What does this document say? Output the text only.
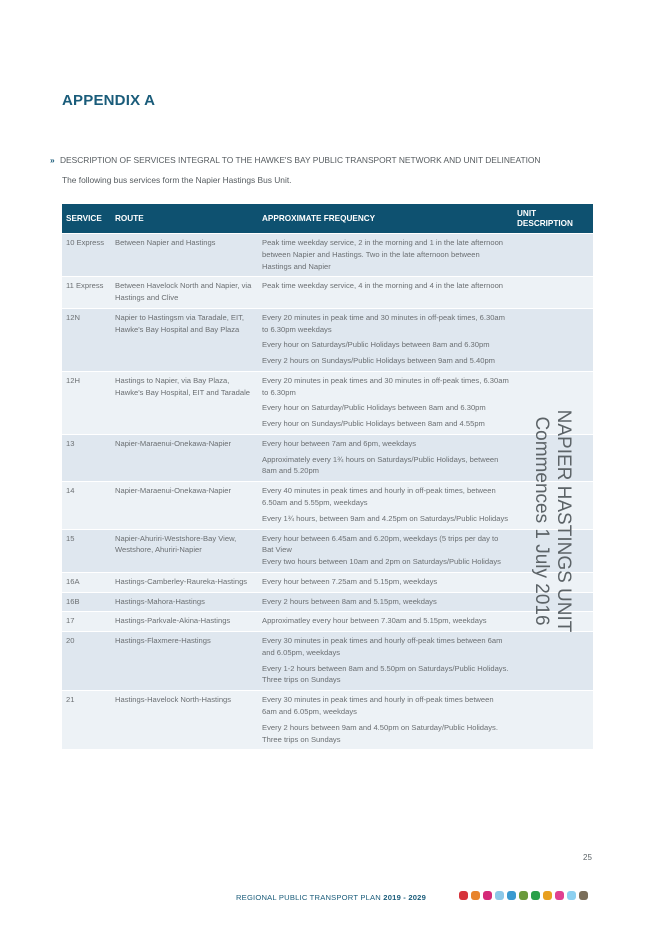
APPENDIX A
» DESCRIPTION OF SERVICES INTEGRAL TO THE HAWKE'S BAY PUBLIC TRANSPORT NETWORK AND UNIT DELINEATION
The following bus services form the Napier Hastings Bus Unit.
SERVICE	ROUTE	APPROXIMATE FREQUENCY	UNIT
DESCRIPTION
10 Express	Between Napier and Hastings	Peak time weekday service, 2 in the morning and 1 in the late afternoon between Napier and Hastings. Two in the late afternoon between Hastings and Napier	

11 Express	Between Havelock North and Napier, via Hastings and Clive	Peak time weekday service, 4 in the morning and 4 in the late afternoon	

12N	Napier to Hastingsm via Taradale, EIT, Hawke's Bay Hospital and Bay Plaza	Every 20 minutes in peak time and 30 minutes in off-peak times, 6.30am to 6.30pm weekdays

Every hour on Saturdays/Public Holidays between 8am and 6.30pm

Every 2 hours on Sundays/Public Holidays between 9am and 5.40pm	

12H	Hastings to Napier, via Bay Plaza, Hawke's Bay Hospital, EIT and Taradale	Every 20 minutes in peak times and 30 minutes in off-peak times, 6.30am to 6.30pm

Every hour on Saturday/Public Holidays between 8am and 6.30pm

Every hour on Sundays/Public Holidays between 8am and 4.55pm	

13	Napier-Maraenui-Onekawa-Napier	Every hour between 7am and 6pm, weekdays

Approximately every 1¾ hours on Saturdays/Public Holidays, between 8am and 5.20pm	

14	Napier-Maraenui-Onekawa-Napier	Every 40 minutes in peak times and hourly in off-peak times, between 6.50am and 5.55pm, weekdays

Every 1¾ hours, between 9am and 4.25pm on Saturdays/Public Holidays	

15	Napier-Ahuriri-Westshore-Bay View, Westshore, Ahuriri-Napier	Every hour between 6.45am and 6.20pm, weekdays (5 trips per day to Bat View

Every two hours between 10am and 2pm on Saturdays/Public Holidays	

16A	Hastings-Camberley-Raureka-Hastings	Every hour between 7.25am and 5.15pm, weekdays	

16B	Hastings-Mahora-Hastings	Every 2 hours between 8am and 5.15pm, weekdays	

17	Hastings-Parkvale-Akina-Hastings	Approximatley every hour between 7.30am and 5.15pm, weekdays	

20	Hastings-Flaxmere-Hastings	Every 30 minutes in peak times and hourly off-peak times between 6am and 6.05pm, weekdays

Every 1-2 hours between 8am and 5.50pm on Saturdays/Public Holidays. Three trips on Sundays	

21	Hastings-Havelock North-Hastings	Every 30 minutes in peak times and hourly in off-peak times between 6am and 6.05pm, weekdays

Every 2 hours between 9am and 4.50pm on Saturday/Public Holidays. Three trips on Sundays	

NAPIER HASTINGS UNIT
Commences 1 July 2016
25
REGIONAL PUBLIC TRANSPORT PLAN 2019 - 2029
